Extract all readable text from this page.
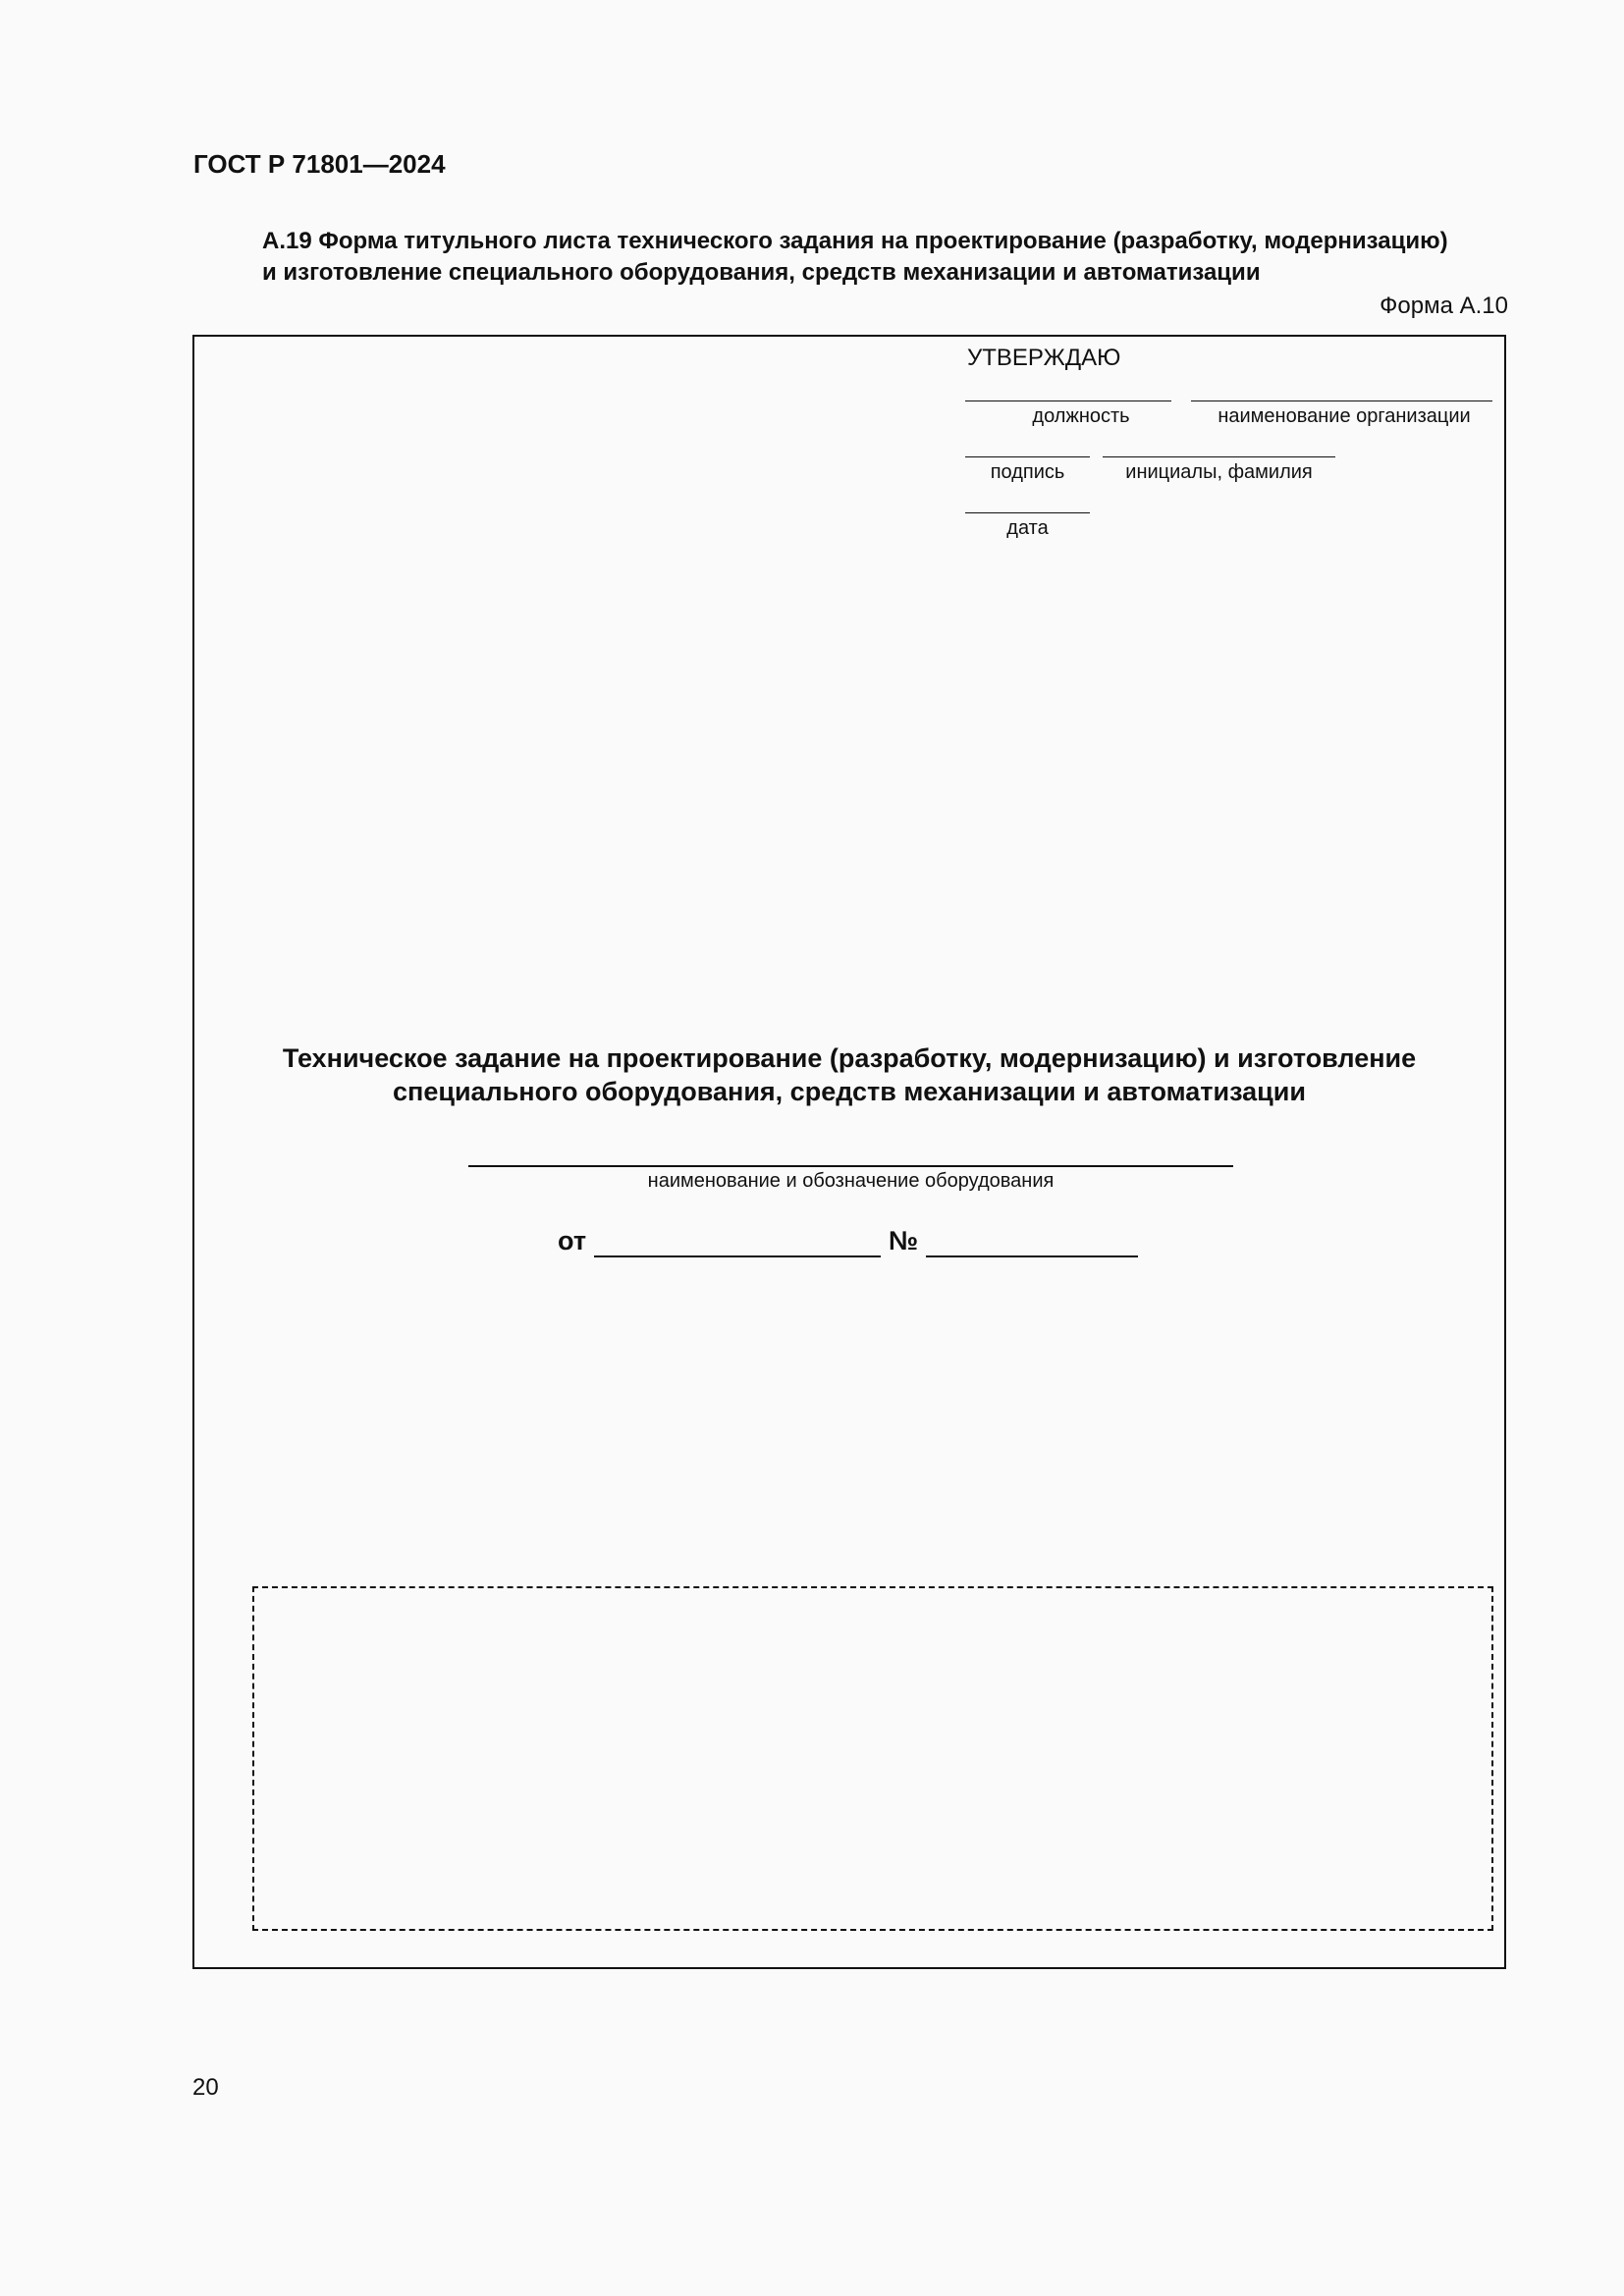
ГОСТ Р 71801—2024
А.19 Форма титульного листа технического задания на проектирование (разработку, модернизацию)
и изготовление специального оборудования, средств механизации и автоматизации
Форма А.10
УТВЕРЖДАЮ
должность	наименование организации
подпись	инициалы, фамилия
дата
Техническое задание на проектирование (разработку, модернизацию) и изготовление
специального оборудования, средств механизации и автоматизации
наименование и обозначение оборудования
от	№
20
